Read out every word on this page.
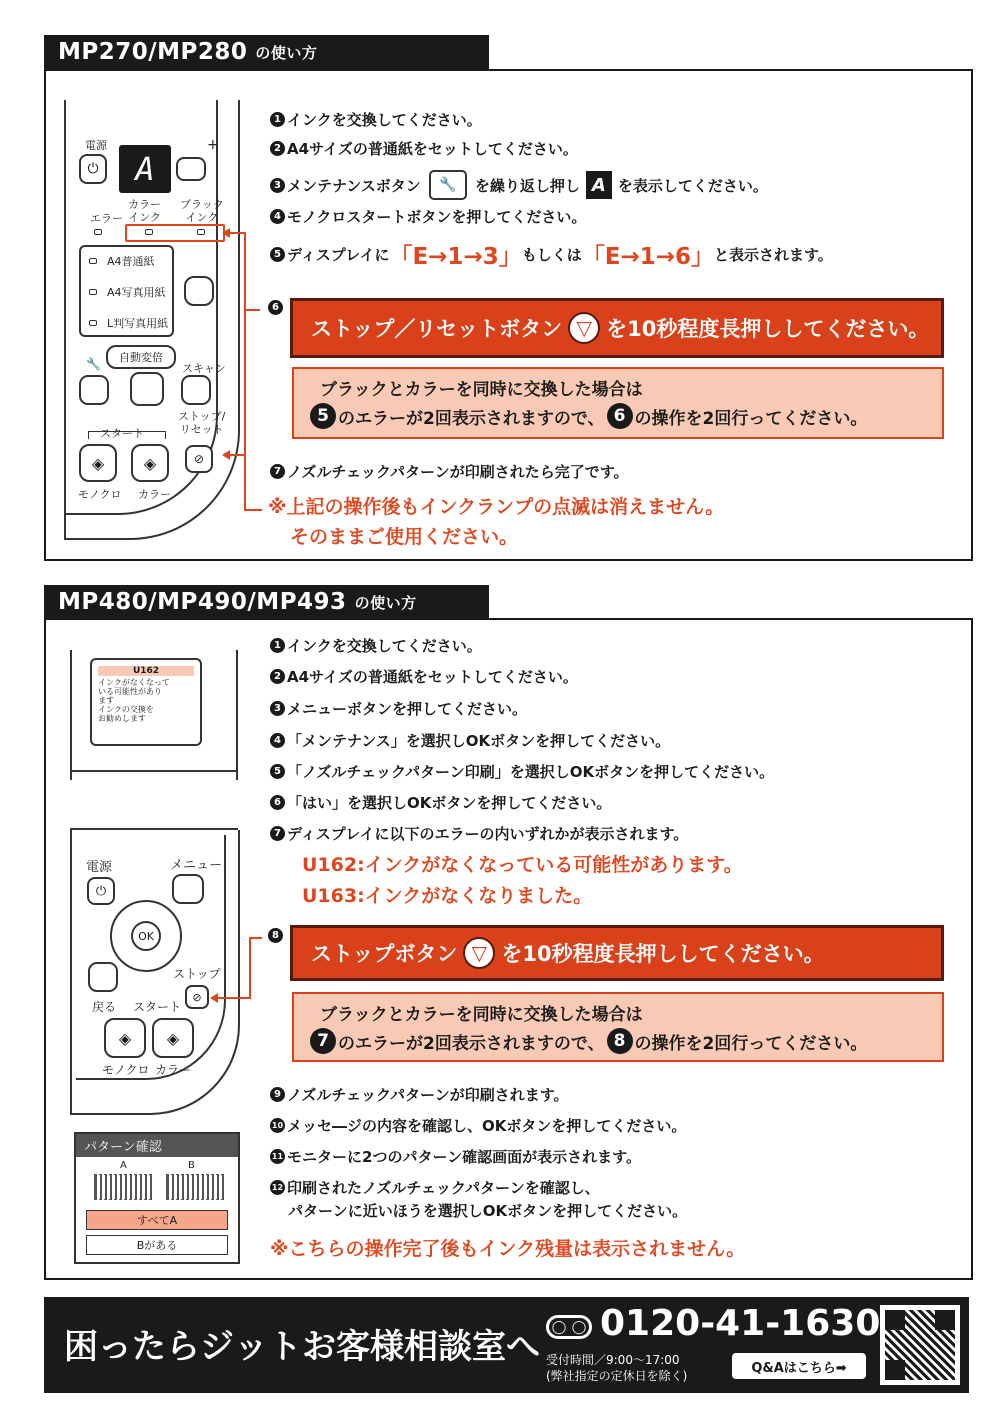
MP270/MP280 の使い方
電源
⏻ A
+
エラー
カラー
インク
ブラック
インク
A4普通紙
A4写真用紙
L判写真用紙
🔧 自動変倍
スキャン
スタート
ストップ/
リセット
◈ ◈	⊘
モノクロ カラー
1 インクを交換してください。
2 A4サイズの普通紙をセットしてください。
3 メンテナンスボタン	🔧	を繰り返し押し A を表示してください。
4 モノクロスタートボタンを押してください。
5 ディスプレイに 「E→1→3」 もしくは 「E→1→6」 と表示されます。
6
ストップ／リセットボタン ▽ を10秒程度長押ししてください。
ブラックとカラーを同時に交換した場合は
5 のエラーが2回表示されますので、 6 の操作を2回行ってください。
7 ノズルチェックパターンが印刷されたら完了です。
※上記の操作後もインクランプの点滅は消えません。
そのままご使用ください。
MP480/MP490/MP493 の使い方
U162
インクがなくなって
いる可能性があり
ます
インクの交換を
お勧めします
電源
⏻
メニュー
OK
ストップ
⊘
戻る スタート
◈ ◈
モノクロ カラー
パターン確認
A	B
すべてA
Bがある
1 インクを交換してください。
2 A4サイズの普通紙をセットしてください。
3 メニューボタンを押してください。
4 「メンテナンス」を選択しOKボタンを押してください。
5 「ノズルチェックパターン印刷」を選択しOKボタンを押してください。
6 「はい」を選択しOKボタンを押してください。
7 ディスプレイに以下のエラーの内いずれかが表示されます。
U162:インクがなくなっている可能性があります。
U163:インクがなくなりました。
8
ストップボタン ▽ を10秒程度長押ししてください。
ブラックとカラーを同時に交換した場合は
7 のエラーが2回表示されますので、 8 の操作を2回行ってください。
9 ノズルチェックパターンが印刷されます。
10 メッセ―ジの内容を確認し、OKボタンを押してください。
11 モニターに2つのパターン確認画面が表示されます。
12 印刷されたノズルチェックパターンを確認し、
パターンに近いほうを選択しOKボタンを押してください。
※こちらの操作完了後もインク残量は表示されません。
困ったらジットお客様相談室へ ◯ ◯ 0120-41-1630
受付時間／9:00〜17:00
(弊社指定の定休日を除く)
Q&Aはこちら➡
